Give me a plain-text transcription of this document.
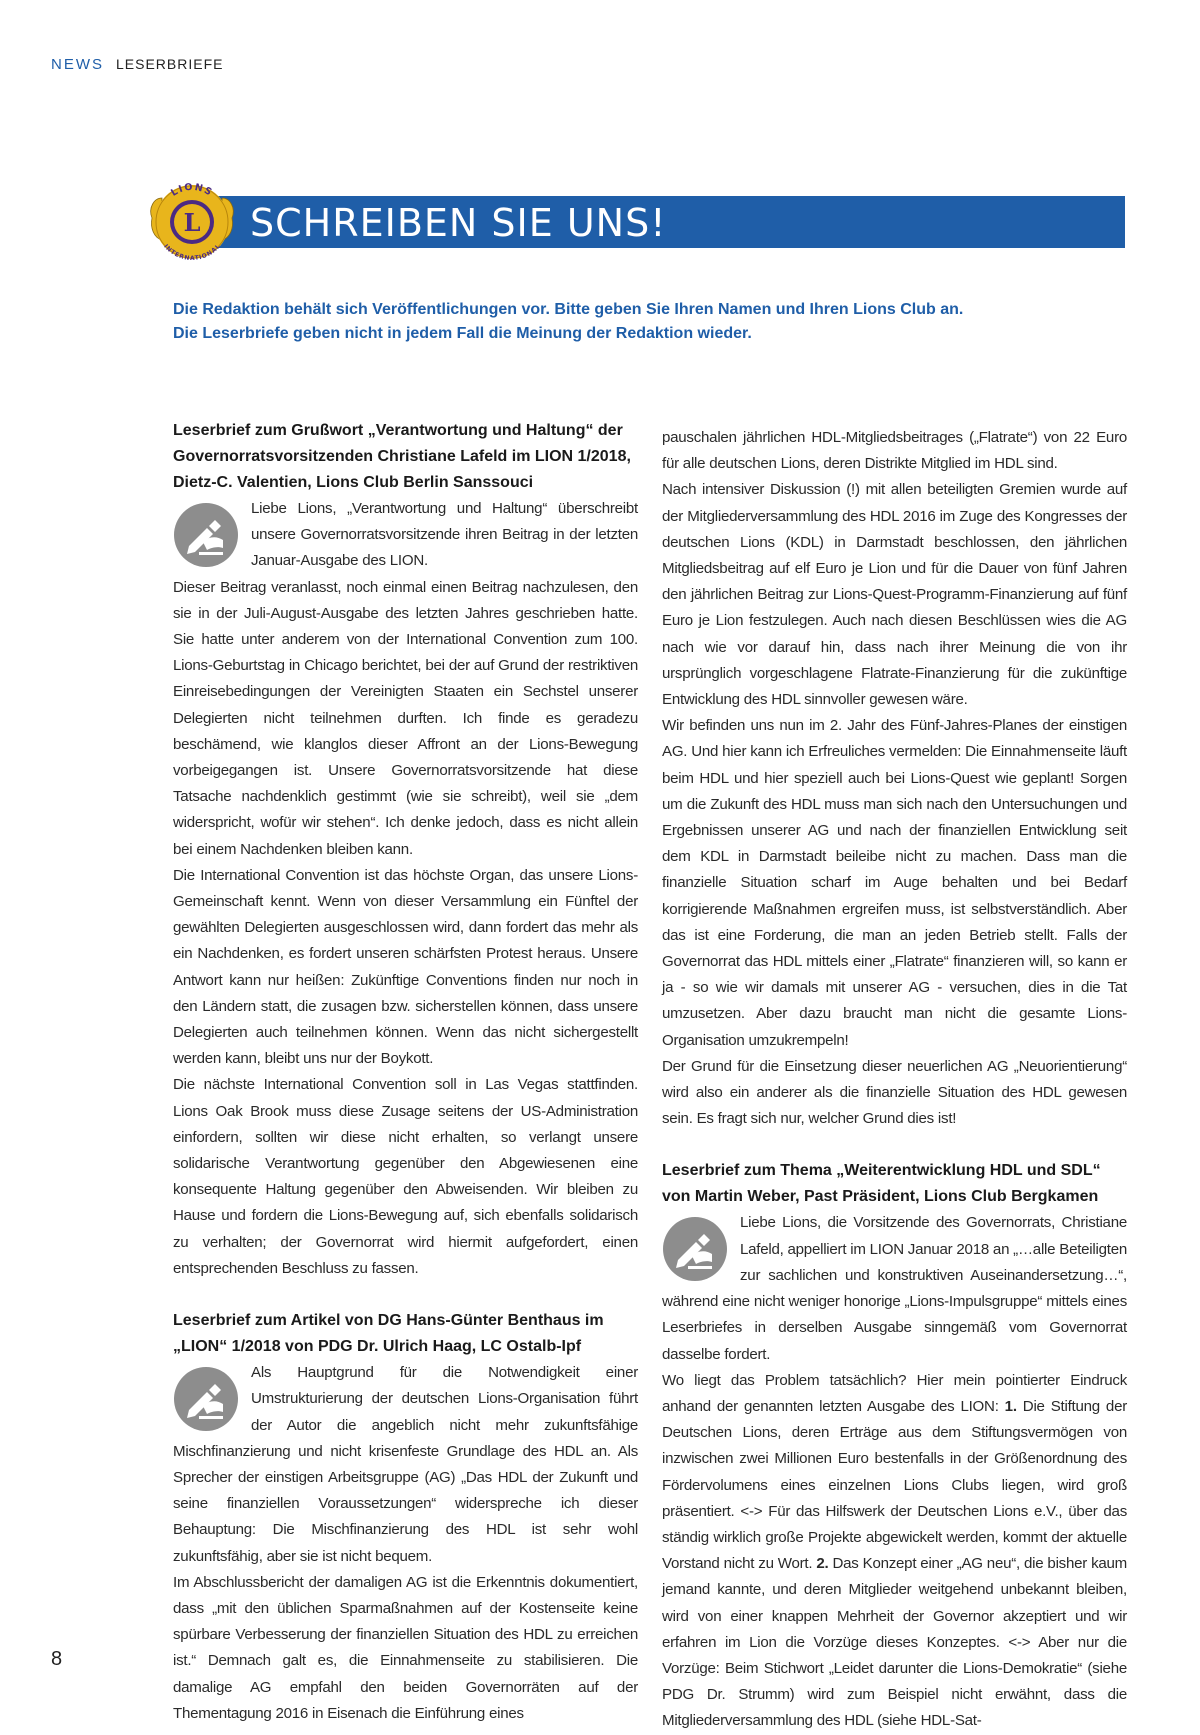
NEWS LESERBRIEFE
SCHREIBEN SIE UNS!
L
LIONS
INTERNATIONAL
Die Redaktion behält sich Veröffentlichungen vor. Bitte geben Sie Ihren Namen und Ihren Lions Club an.
Die Leserbriefe geben nicht in jedem Fall die Meinung der Redaktion wieder.
Leserbrief zum Grußwort „Verantwortung und Haltung“ der Governorratsvorsitzenden Christiane Lafeld im LION 1/2018, Dietz-C. Valentien, Lions Club Berlin Sanssouci

Liebe Lions, „Verantwortung und Haltung“ überschreibt unsere Governorratsvorsitzende ihren Beitrag in der letzten Januar-Ausgabe des LION.

Dieser Beitrag veranlasst, noch einmal einen Beitrag nachzulesen, den sie in der Juli-August-Ausgabe des letzten Jahres geschrieben hatte. Sie hatte unter anderem von der International Convention zum 100. Lions-Geburtstag in Chicago berichtet, bei der auf Grund der restriktiven Einreisebedingungen der Vereinigten Staaten ein Sechstel unserer Delegierten nicht teilnehmen durften. Ich finde es geradezu beschämend, wie klanglos dieser Affront an der Lions-Bewegung vorbeigegangen ist. Unsere Governorratsvorsitzende hat diese Tatsache nachdenklich gestimmt (wie sie schreibt), weil sie „dem widerspricht, wofür wir stehen“. Ich denke jedoch, dass es nicht allein bei einem Nachdenken bleiben kann.

Die International Convention ist das höchste Organ, das unsere Lions-Gemeinschaft kennt. Wenn von dieser Versammlung ein Fünftel der gewählten Delegierten ausgeschlossen wird, dann fordert das mehr als ein Nachdenken, es fordert unseren schärfsten Protest heraus. Unsere Antwort kann nur heißen: Zukünftige Conventions finden nur noch in den Ländern statt, die zusagen bzw. sicherstellen können, dass unsere Delegierten auch teilnehmen können. Wenn das nicht sichergestellt werden kann, bleibt uns nur der Boykott.

Die nächste International Convention soll in Las Vegas stattfinden. Lions Oak Brook muss diese Zusage seitens der US-Administration einfordern, sollten wir diese nicht erhalten, so verlangt unsere solidarische Verantwortung gegenüber den Abgewiesenen eine konsequente Haltung gegenüber den Abweisenden. Wir bleiben zu Hause und fordern die Lions-Bewegung auf, sich ebenfalls solidarisch zu verhalten; der Governorrat wird hiermit aufgefordert, einen entsprechenden Beschluss zu fassen.

Leserbrief zum Artikel von DG Hans-Günter Benthaus im „LION“ 1/2018 von PDG Dr. Ulrich Haag, LC Ostalb-Ipf

Als Hauptgrund für die Notwendigkeit einer Umstrukturierung der deutschen Lions-Organisation führt der Autor die angeblich nicht mehr zukunftsfähige Mischfinanzierung und nicht krisenfeste Grundlage des HDL an. Als Sprecher der einstigen Arbeitsgruppe (AG) „Das HDL der Zukunft und seine finanziellen Voraussetzungen“ widerspreche ich dieser Behauptung: Die Mischfinanzierung des HDL ist sehr wohl zukunftsfähig, aber sie ist nicht bequem.

Im Abschlussbericht der damaligen AG ist die Erkenntnis dokumentiert, dass „mit den üblichen Sparmaßnahmen auf der Kostenseite keine spürbare Verbesserung der finanziellen Situation des HDL zu erreichen ist.“ Demnach galt es, die Einnahmenseite zu stabilisieren. Die damalige AG empfahl den beiden Governorräten auf der Thementagung 2016 in Eisenach die Einführung eines

pauschalen jährlichen HDL-Mitgliedsbeitrages („Flatrate“) von 22 Euro für alle deutschen Lions, deren Distrikte Mitglied im HDL sind.

Nach intensiver Diskussion (!) mit allen beteiligten Gremien wurde auf der Mitgliederversammlung des HDL 2016 im Zuge des Kongresses der deutschen Lions (KDL) in Darmstadt beschlossen, den jährlichen Mitgliedsbeitrag auf elf Euro je Lion und für die Dauer von fünf Jahren den jährlichen Beitrag zur Lions-Quest-Programm-Finanzierung auf fünf Euro je Lion festzulegen. Auch nach diesen Beschlüssen wies die AG nach wie vor darauf hin, dass nach ihrer Meinung die von ihr ursprünglich vorgeschlagene Flatrate-Finanzierung für die zukünftige Entwicklung des HDL sinnvoller gewesen wäre.

Wir befinden uns nun im 2. Jahr des Fünf-Jahres-Planes der einstigen AG. Und hier kann ich Erfreuliches vermelden: Die Einnahmenseite läuft beim HDL und hier speziell auch bei Lions-Quest wie geplant! Sorgen um die Zukunft des HDL muss man sich nach den Untersuchungen und Ergebnissen unserer AG und nach der finanziellen Entwicklung seit dem KDL in Darmstadt beileibe nicht zu machen. Dass man die finanzielle Situation scharf im Auge behalten und bei Bedarf korrigierende Maßnahmen ergreifen muss, ist selbstverständlich. Aber das ist eine Forderung, die man an jeden Betrieb stellt. Falls der Governorrat das HDL mittels einer „Flatrate“ finanzieren will, so kann er ja - so wie wir damals mit unserer AG - versuchen, dies in die Tat umzusetzen. Aber dazu braucht man nicht die gesamte Lions-Organisation umzukrempeln!

Der Grund für die Einsetzung dieser neuerlichen AG „Neuorientierung“ wird also ein anderer als die finanzielle Situation des HDL gewesen sein. Es fragt sich nur, welcher Grund dies ist!

Leserbrief zum Thema „Weiterentwicklung HDL und SDL“ von Martin Weber, Past Präsident, Lions Club Bergkamen

Liebe Lions, die Vorsitzende des Governorrats, Christiane Lafeld, appelliert im LION Januar 2018 an „…alle Beteiligten zur sachlichen und konstruktiven Auseinandersetzung…“, während eine nicht weniger honorige „Lions-Impulsgruppe“ mittels eines Leserbriefes in derselben Ausgabe sinngemäß vom Governorrat dasselbe fordert.

Wo liegt das Problem tatsächlich? Hier mein pointierter Eindruck anhand der genannten letzten Ausgabe des LION: 1. Die Stiftung der Deutschen Lions, deren Erträge aus dem Stiftungsvermögen von inzwischen zwei Millionen Euro bestenfalls in der Größenordnung des Fördervolumens eines einzelnen Lions Clubs liegen, wird groß präsentiert. <-> Für das Hilfswerk der Deutschen Lions e.V., über das ständig wirklich große Projekte abgewickelt werden, kommt der aktuelle Vorstand nicht zu Wort. 2. Das Konzept einer „AG neu“, die bisher kaum jemand kannte, und deren Mitglieder weitgehend unbekannt bleiben, wird von einer knappen Mehrheit der Governor akzeptiert und wir erfahren im Lion die Vorzüge dieses Konzeptes. <-> Aber nur die Vorzüge: Beim Stichwort „Leidet darunter die Lions-Demokratie“ (siehe PDG Dr. Strumm) wird zum Beispiel nicht erwähnt, dass die Mitgliederversammlung des HDL (siehe HDL-Sat-

8
